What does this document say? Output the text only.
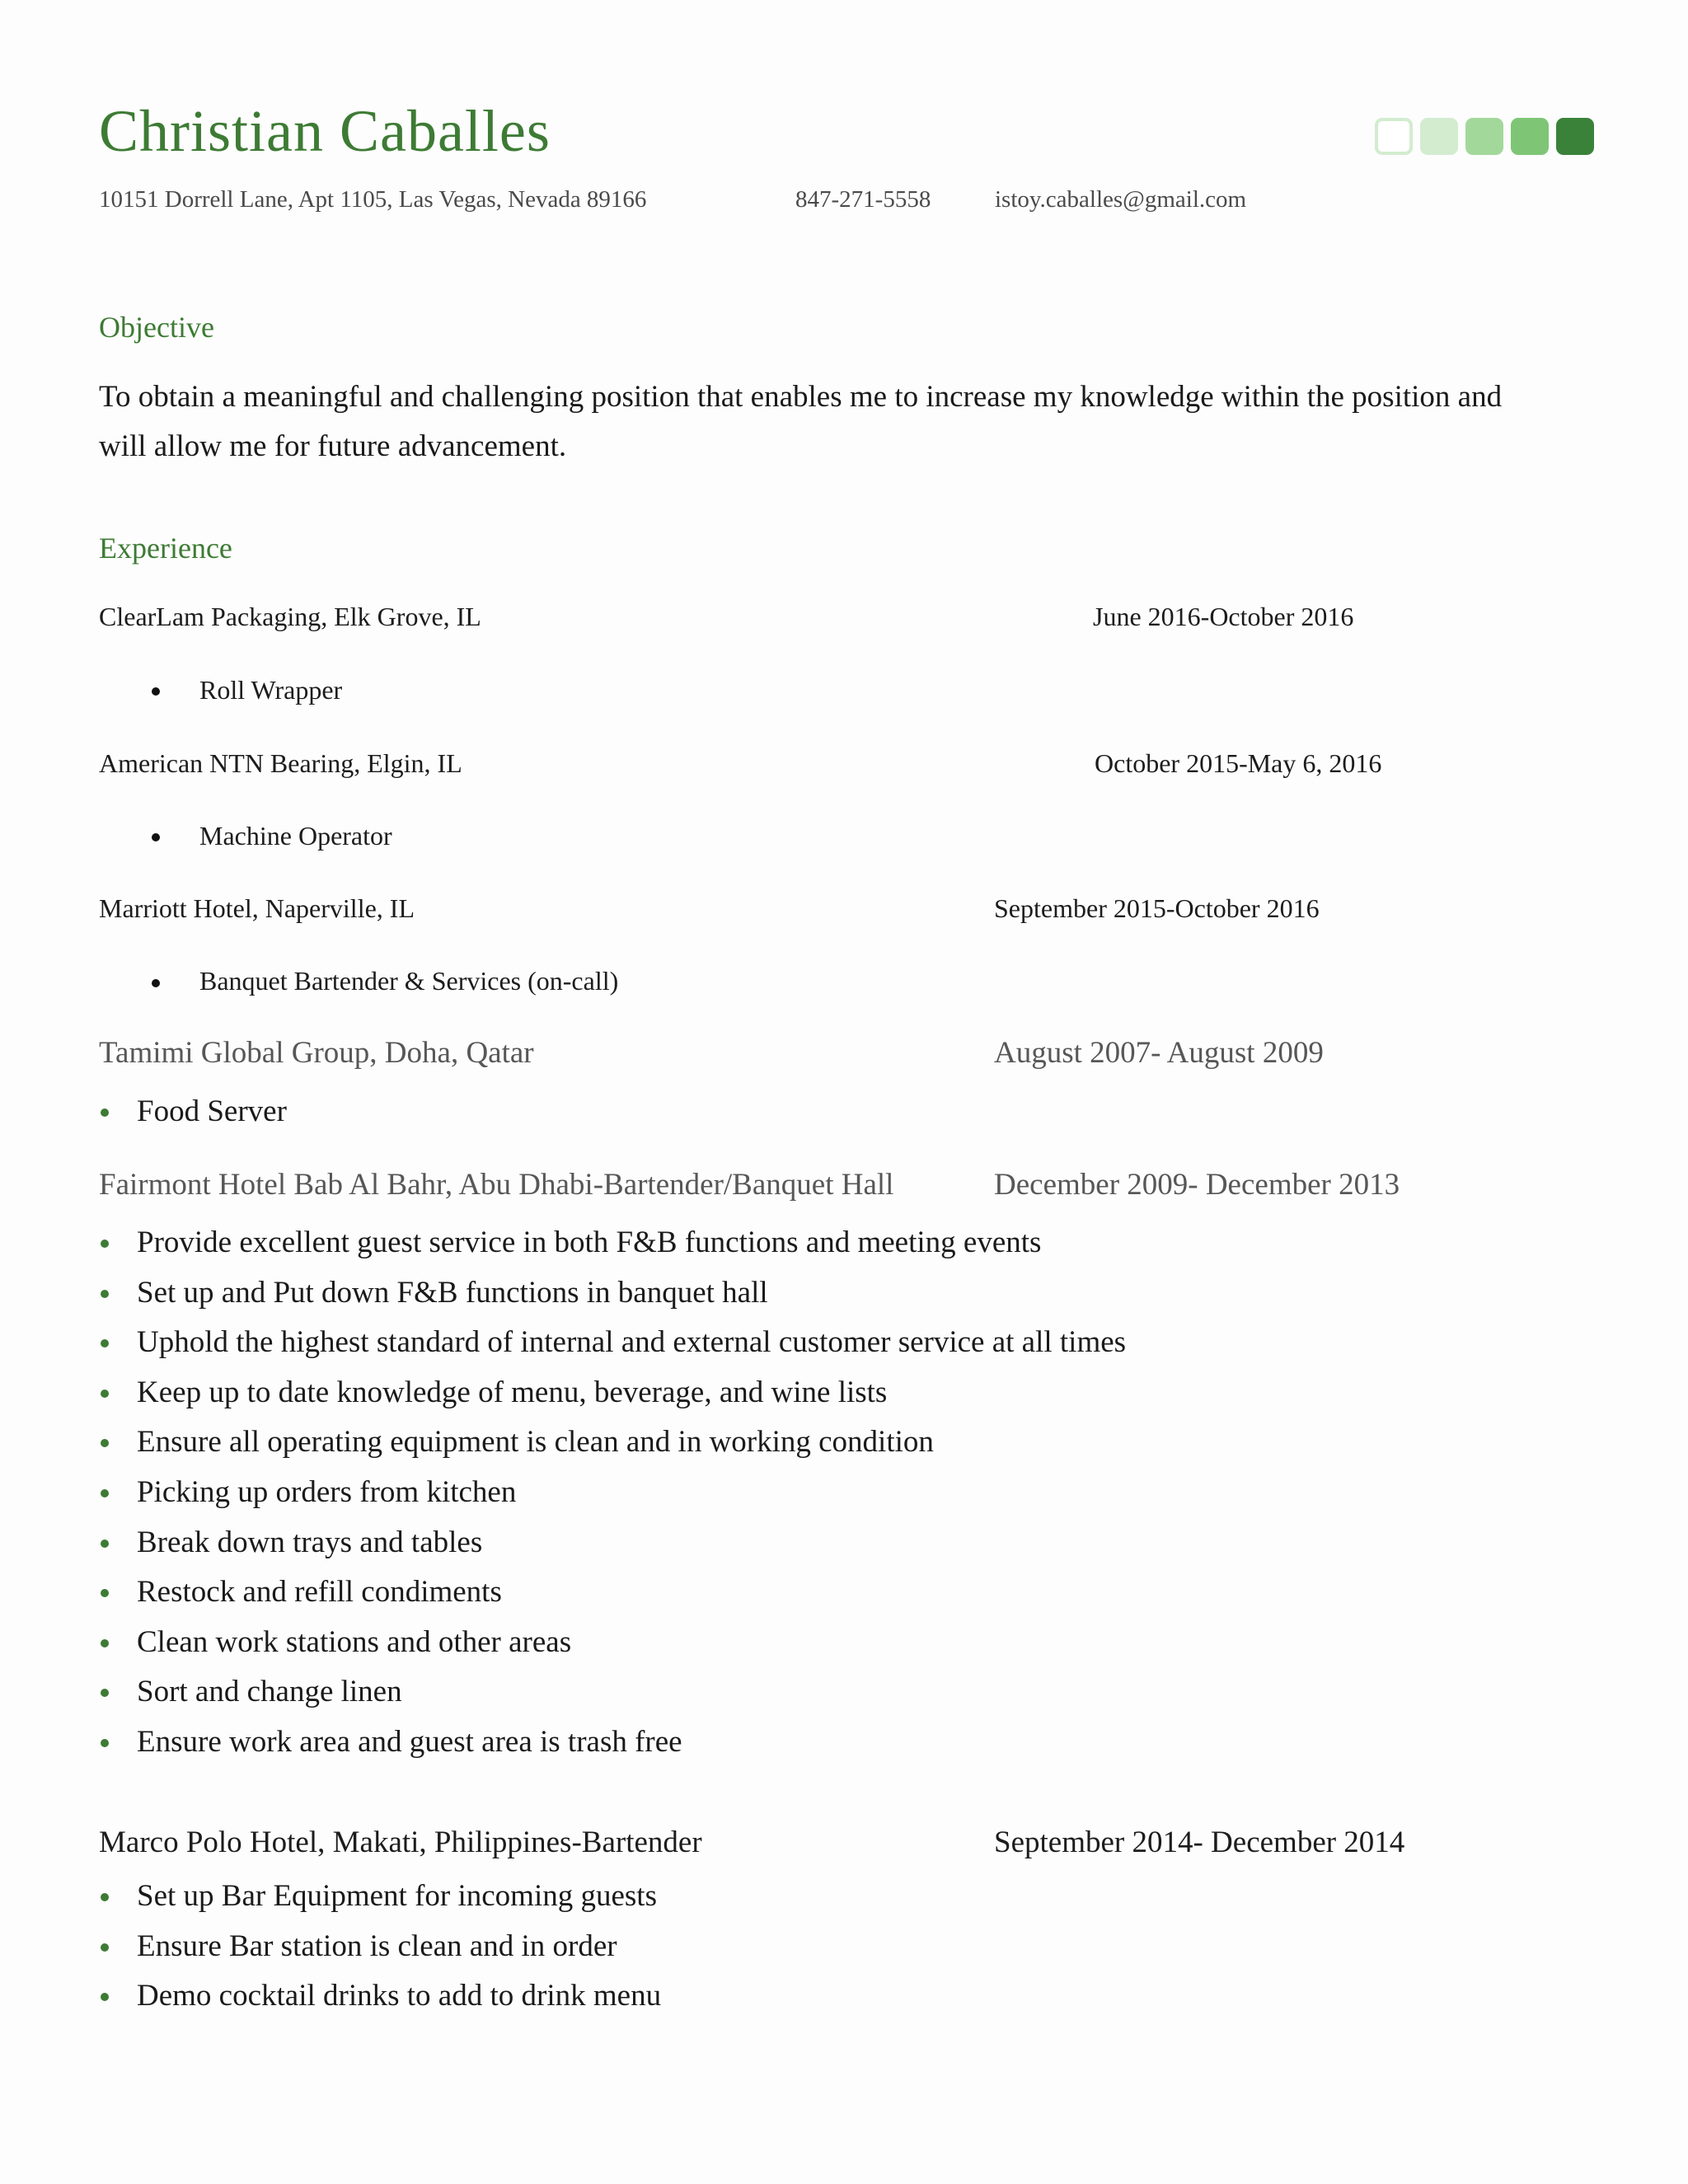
Christian Caballes
10151 Dorrell Lane, Apt 1105, Las Vegas, Nevada 89166	847-271-5558	istoy.caballes@gmail.com
Objective
To obtain a meaningful and challenging position that enables me to increase my knowledge within the position and will allow me for future advancement.
Experience
ClearLam Packaging, Elk Grove, IL	June 2016-October 2016
Roll Wrapper
American NTN Bearing, Elgin, IL	October 2015-May 6, 2016
Machine Operator
Marriott Hotel, Naperville, IL	September 2015-October 2016
Banquet Bartender & Services (on-call)
Tamimi Global Group, Doha, Qatar	August 2007- August 2009
Food Server
Fairmont Hotel Bab Al Bahr, Abu Dhabi-Bartender/Banquet Hall	December 2009- December 2013
Provide excellent guest service in both F&B functions and meeting events
Set up and Put down F&B functions in banquet hall
Uphold the highest standard of internal and external customer service at all times
Keep up to date knowledge of menu, beverage, and wine lists
Ensure all operating equipment is clean and in working condition
Picking up orders from kitchen
Break down trays and tables
Restock and refill condiments
Clean work stations and other areas
Sort and change linen
Ensure work area and guest area is trash free
Marco Polo Hotel, Makati, Philippines-Bartender	September 2014- December 2014
Set up Bar Equipment for incoming guests
Ensure Bar station is clean and in order
Demo cocktail drinks to add to drink menu
